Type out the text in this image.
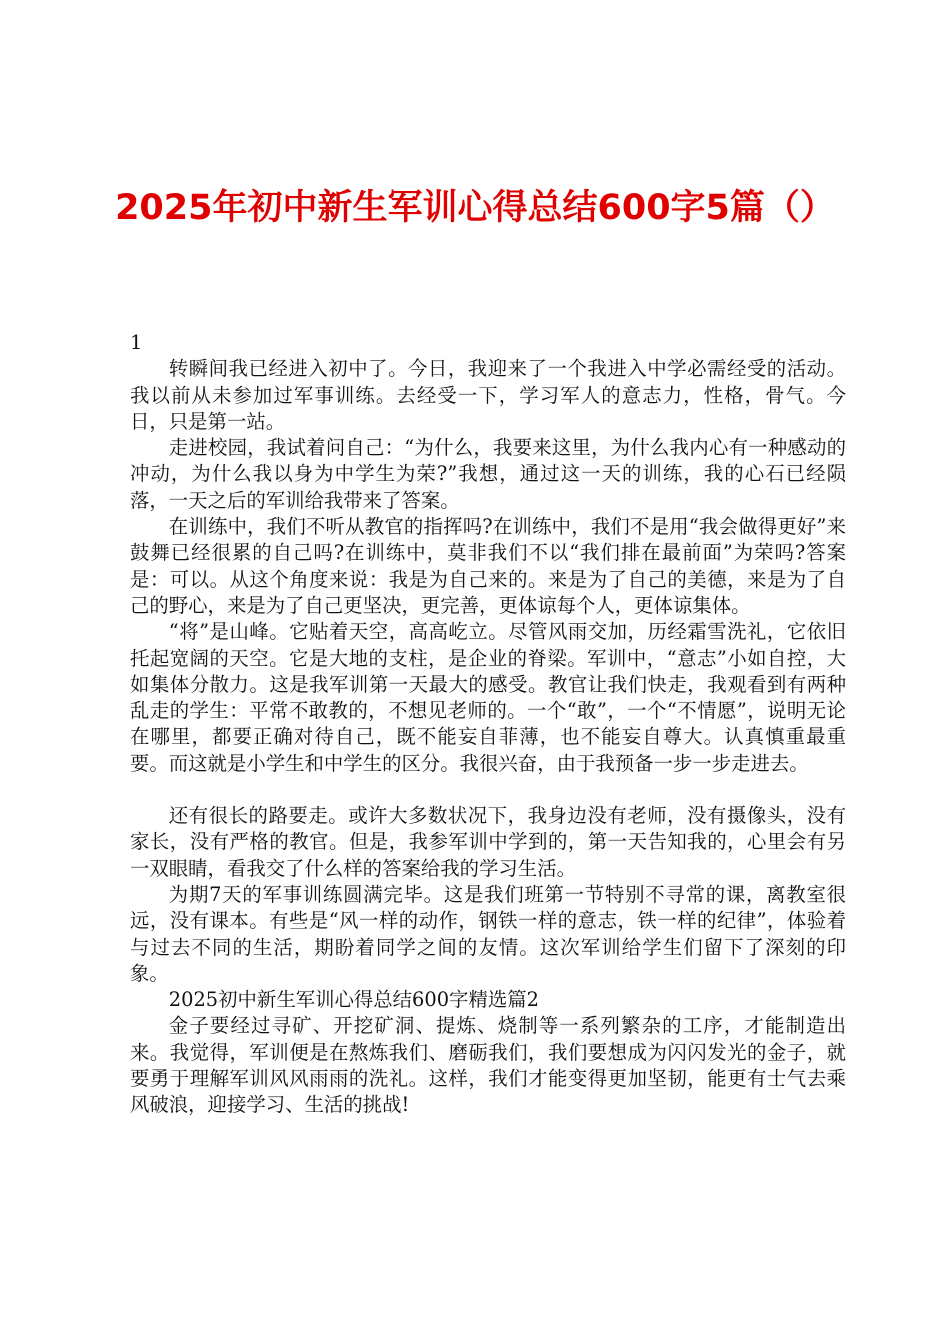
2025年初中新生军训心得总结600字5篇（）

1

转瞬间我已经进入初中了。今日，我迎来了一个我进入中学必需经受的活动。我以前从未参加过军事训练。去经受一下，学习军人的意志力，性格，骨气。今日，只是第一站。

走进校园，我试着问自己：“为什么，我要来这里，为什么我内心有一种感动的冲动，为什么我以身为中学生为荣?”我想，通过这一天的训练，我的心石已经陨落，一天之后的军训给我带来了答案。

在训练中，我们不听从教官的指挥吗?在训练中，我们不是用“我会做得更好”来鼓舞已经很累的自己吗?在训练中，莫非我们不以“我们排在最前面”为荣吗?答案是：可以。从这个角度来说：我是为自己来的。来是为了自己的美德，来是为了自己的野心，来是为了自己更坚决，更完善，更体谅每个人，更体谅集体。

“将”是山峰。它贴着天空，高高屹立。尽管风雨交加，历经霜雪洗礼，它依旧托起宽阔的天空。它是大地的支柱，是企业的脊梁。军训中，“意志”小如自控，大如集体分散力。这是我军训第一天最大的感受。教官让我们快走，我观看到有两种乱走的学生：平常不敢教的，不想见老师的。一个“敢”，一个“不情愿”，说明无论在哪里，都要正确对待自己，既不能妄自菲薄，也不能妄自尊大。认真慎重最重要。而这就是小学生和中学生的区分。我很兴奋，由于我预备一步一步走进去。

还有很长的路要走。或许大多数状况下，我身边没有老师，没有摄像头，没有家长，没有严格的教官。但是，我参军训中学到的，第一天告知我的，心里会有另一双眼睛，看我交了什么样的答案给我的学习生活。

为期7天的军事训练圆满完毕。这是我们班第一节特别不寻常的课，离教室很远，没有课本。有些是“风一样的动作，钢铁一样的意志，铁一样的纪律”，体验着与过去不同的生活，期盼着同学之间的友情。这次军训给学生们留下了深刻的印象。

2025初中新生军训心得总结600字精选篇2

金子要经过寻矿、开挖矿洞、提炼、烧制等一系列繁杂的工序，才能制造出来。我觉得，军训便是在熬炼我们、磨砺我们，我们要想成为闪闪发光的金子，就要勇于理解军训风风雨雨的洗礼。这样，我们才能变得更加坚韧，能更有士气去乘风破浪，迎接学习、生活的挑战!
